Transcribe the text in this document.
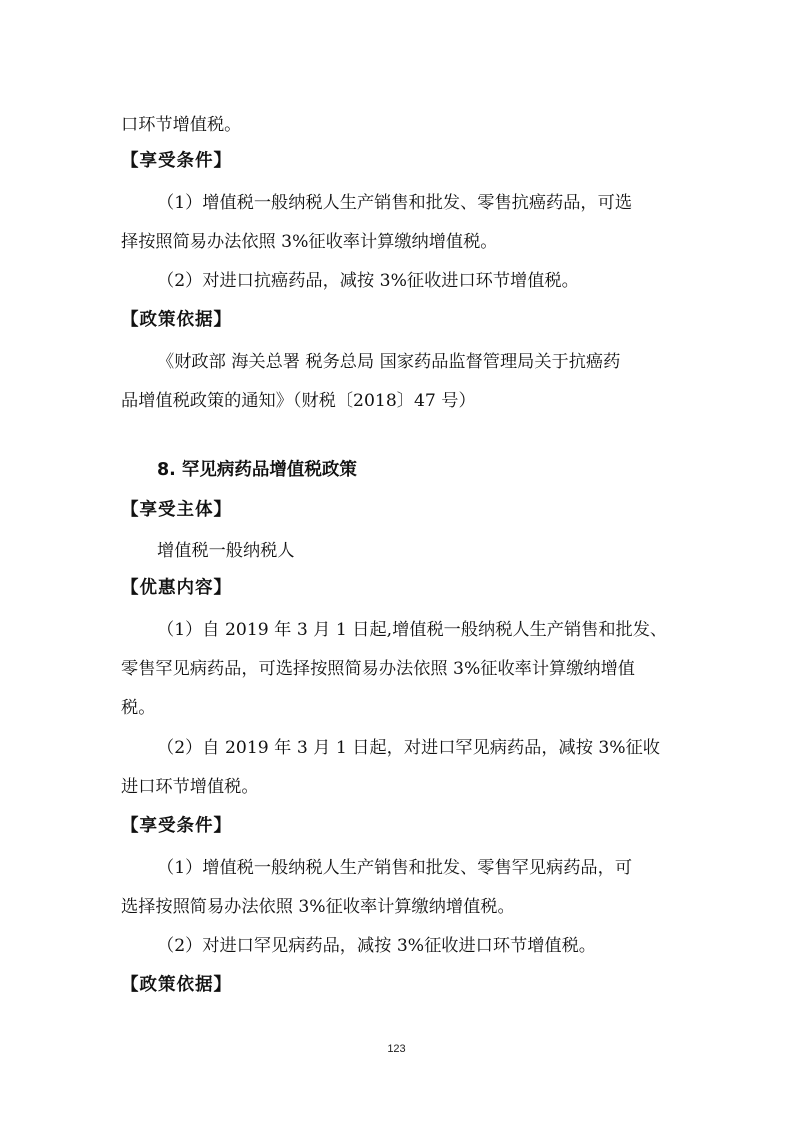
口环节增值税。
【享受条件】
（1）增值税一般纳税人生产销售和批发、零售抗癌药品，可选
择按照简易办法依照 3%征收率计算缴纳增值税。
（2）对进口抗癌药品，减按 3%征收进口环节增值税。
【政策依据】
《财政部 海关总署 税务总局 国家药品监督管理局关于抗癌药
品增值税政策的通知》（财税〔2018〕47 号）
8. 罕见病药品增值税政策
【享受主体】
增值税一般纳税人
【优惠内容】
（1）自 2019 年 3 月 1 日起,增值税一般纳税人生产销售和批发、
零售罕见病药品，可选择按照简易办法依照 3%征收率计算缴纳增值
税。
（2）自 2019 年 3 月 1 日起，对进口罕见病药品，减按 3%征收
进口环节增值税。
【享受条件】
（1）增值税一般纳税人生产销售和批发、零售罕见病药品，可
选择按照简易办法依照 3%征收率计算缴纳增值税。
（2）对进口罕见病药品，减按 3%征收进口环节增值税。
【政策依据】
123
